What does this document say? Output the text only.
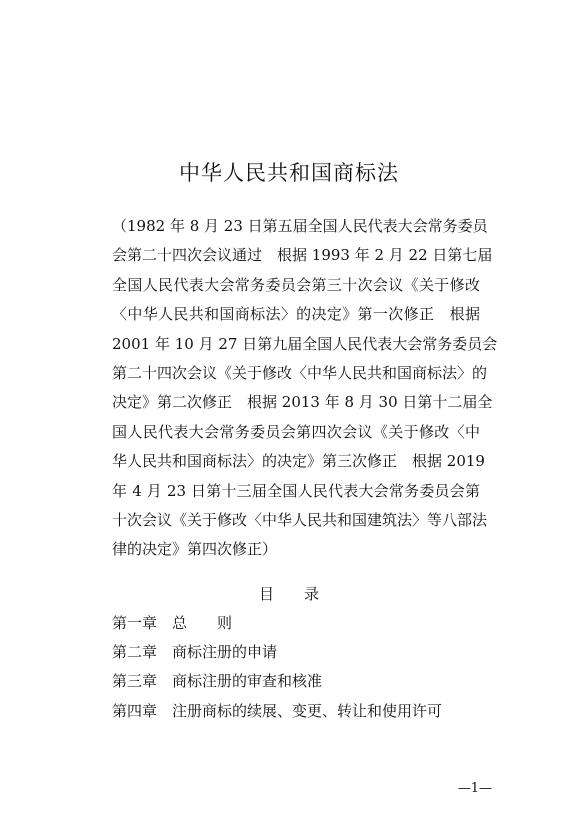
中华人民共和国商标法
（1982 年 8 月 23 日第五届全国人民代表大会常务委员
会第二十四次会议通过　根据 1993 年 2 月 22 日第七届
全国人民代表大会常务委员会第三十次会议《关于修改
〈中华人民共和国商标法〉的决定》第一次修正　根据
2001 年 10 月 27 日第九届全国人民代表大会常务委员会
第二十四次会议《关于修改〈中华人民共和国商标法〉的
决定》第二次修正　根据 2013 年 8 月 30 日第十二届全
国人民代表大会常务委员会第四次会议《关于修改〈中
华人民共和国商标法〉的决定》第三次修正　根据 2019
年 4 月 23 日第十三届全国人民代表大会常务委员会第
十次会议《关于修改〈中华人民共和国建筑法〉等八部法
律的决定》第四次修正）
目　　录
第一章 总　　则
第二章 商标注册的申请
第三章 商标注册的审查和核准
第四章 注册商标的续展、变更、转让和使用许可
—1—
